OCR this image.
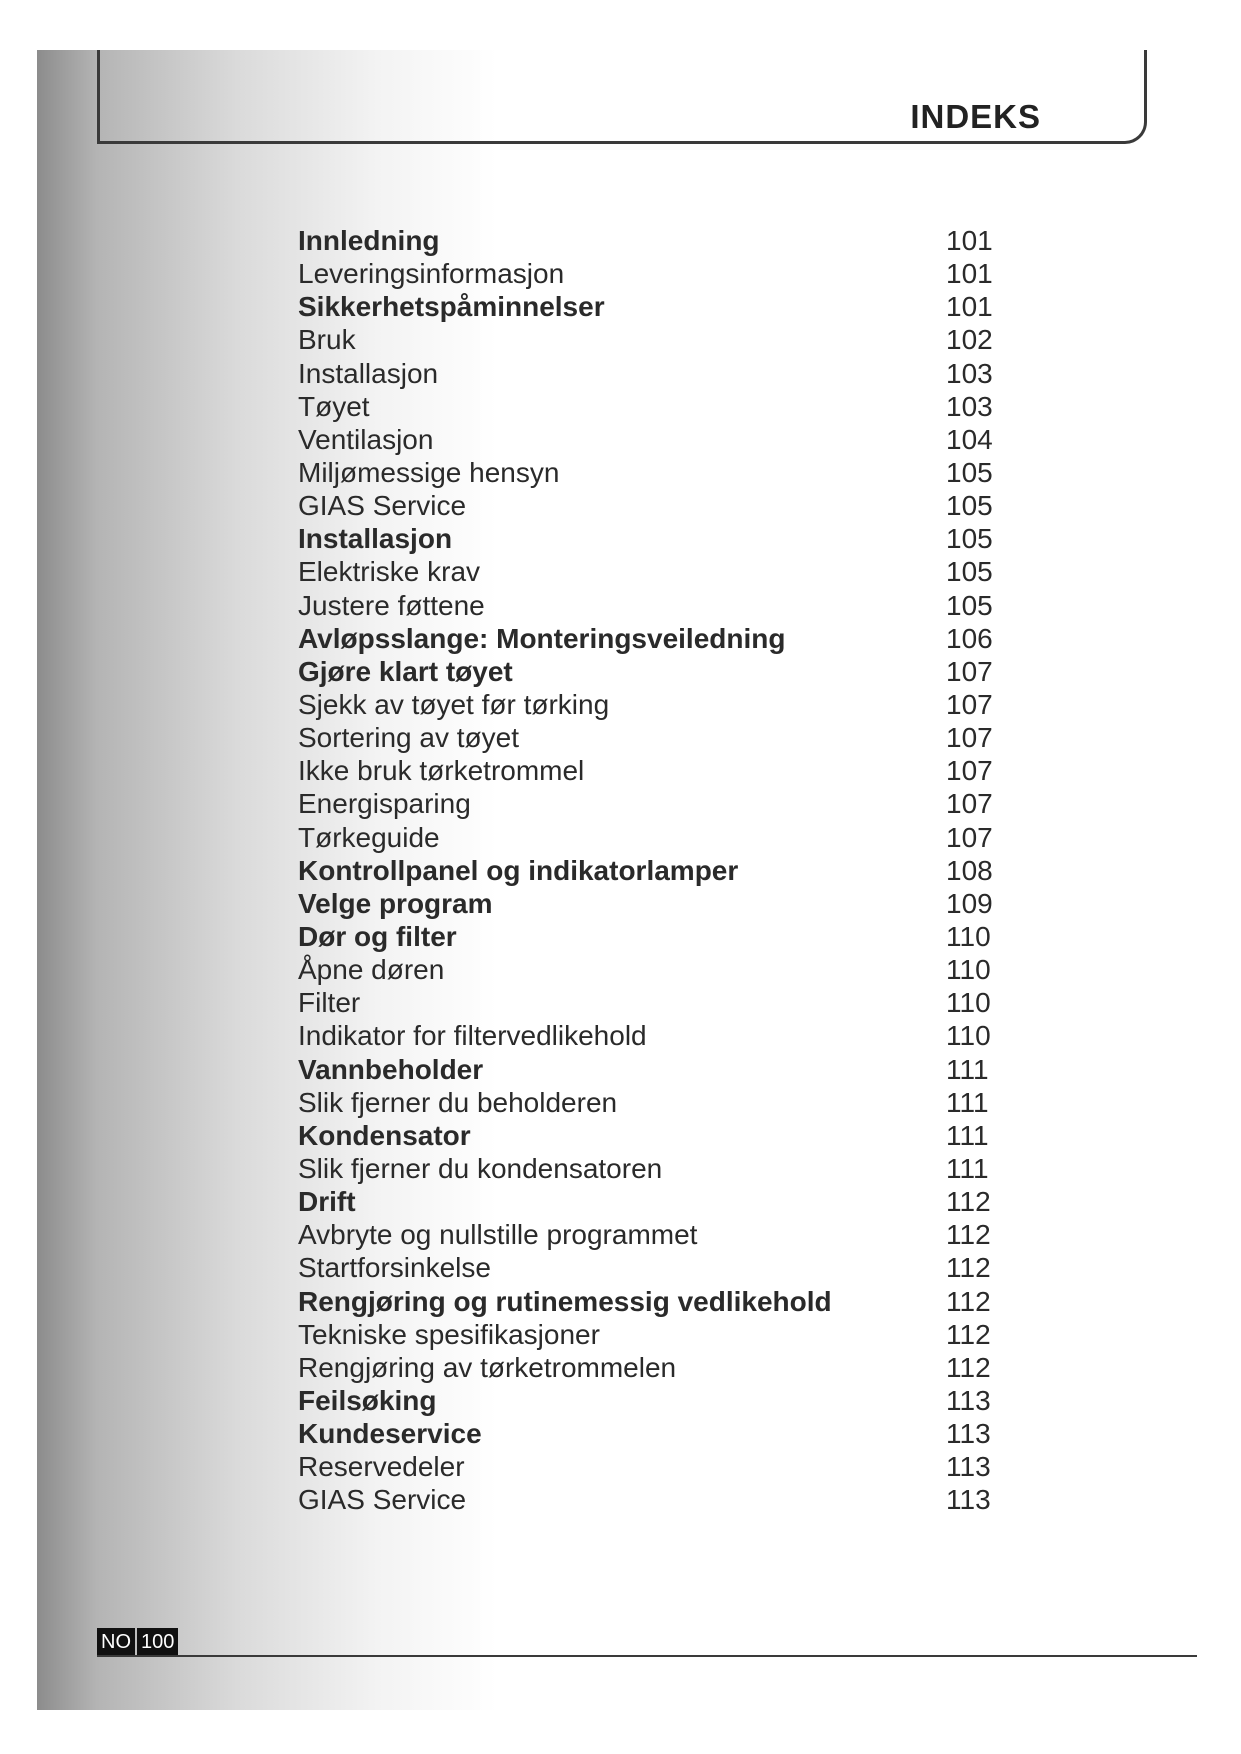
INDEKS
Innledning	101
Leveringsinformasjon	101
Sikkerhetspåminnelser	101
Bruk	102
Installasjon	103
Tøyet	103
Ventilasjon	104
Miljømessige hensyn	105
GIAS Service	105
Installasjon	105
Elektriske krav	105
Justere føttene	105
Avløpsslange: Monteringsveiledning	106
Gjøre klart tøyet	107
Sjekk av tøyet før tørking	107
Sortering av tøyet	107
Ikke bruk tørketrommel	107
Energisparing	107
Tørkeguide	107
Kontrollpanel og indikatorlamper	108
Velge program	109
Dør og filter	110
Åpne døren	110
Filter	110
Indikator for filtervedlikehold	110
Vannbeholder	111
Slik fjerner du beholderen	111
Kondensator	111
Slik fjerner du kondensatoren	111
Drift	112
Avbryte og nullstille programmet	112
Startforsinkelse	112
Rengjøring og rutinemessig vedlikehold	112
Tekniske spesifikasjoner	112
Rengjøring av tørketrommelen	112
Feilsøking	113
Kundeservice	113
Reservedeler	113
GIAS Service	113
NO 100
